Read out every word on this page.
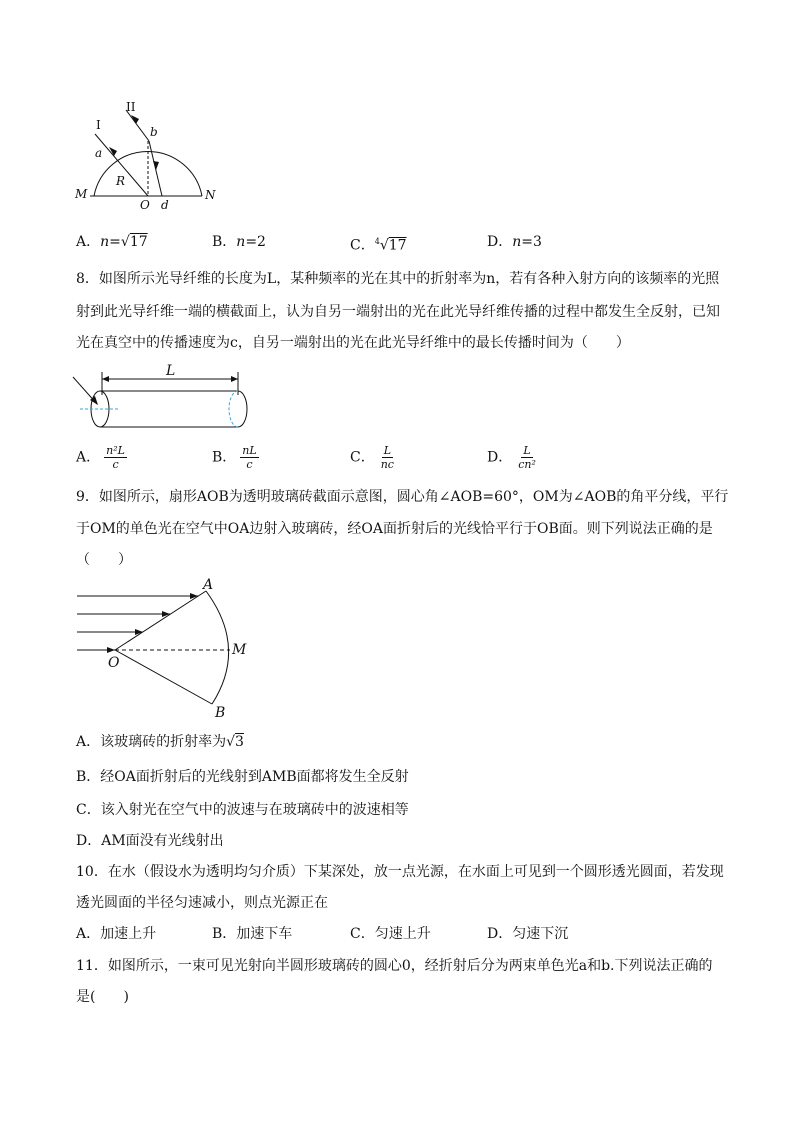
I
II
a
b
R
M
O d
N
A．n=√17	B．n=2	C．$^4$√17	D．n=3
8．如图所示光导纤维的长度为L，某种频率的光在其中的折射率为n，若有各种入射方向的该频率的光照
射到此光导纤维一端的横截面上，认为自另一端射出的光在此光导纤维传播的过程中都发生全反射，已知
光在真空中的传播速度为c，自另一端射出的光在此光导纤维中的最长传播时间为（　　）
L
A． $\frac{\text{n²L}}{c}$	B． $\frac{nL}{c}$	C． $\frac{L}{nc}$	D． $\frac{L}{\text{cn²}}$
9．如图所示，扇形AOB为透明玻璃砖截面示意图，圆心角∠AOB=60°，OM为∠AOB的角平分线，平行
于OM的单色光在空气中OA边射入玻璃砖，经OA面折射后的光线恰平行于OB面。则下列说法正确的是
（　　）
A
M
O
B
A．该玻璃砖的折射率为√3
B．经OA面折射后的光线射到AMB面都将发生全反射
C．该入射光在空气中的波速与在玻璃砖中的波速相等
D．AM面没有光线射出
10．在水（假设水为透明均匀介质）下某深处，放一点光源，在水面上可见到一个圆形透光圆面，若发现
透光圆面的半径匀速减小，则点光源正在
A．加速上升	B．加速下车	C．匀速上升	D．匀速下沉
11．如图所示，一束可见光射向半圆形玻璃砖的圆心0，经折射后分为两束单色光a和b.下列说法正确的
是(　　)
